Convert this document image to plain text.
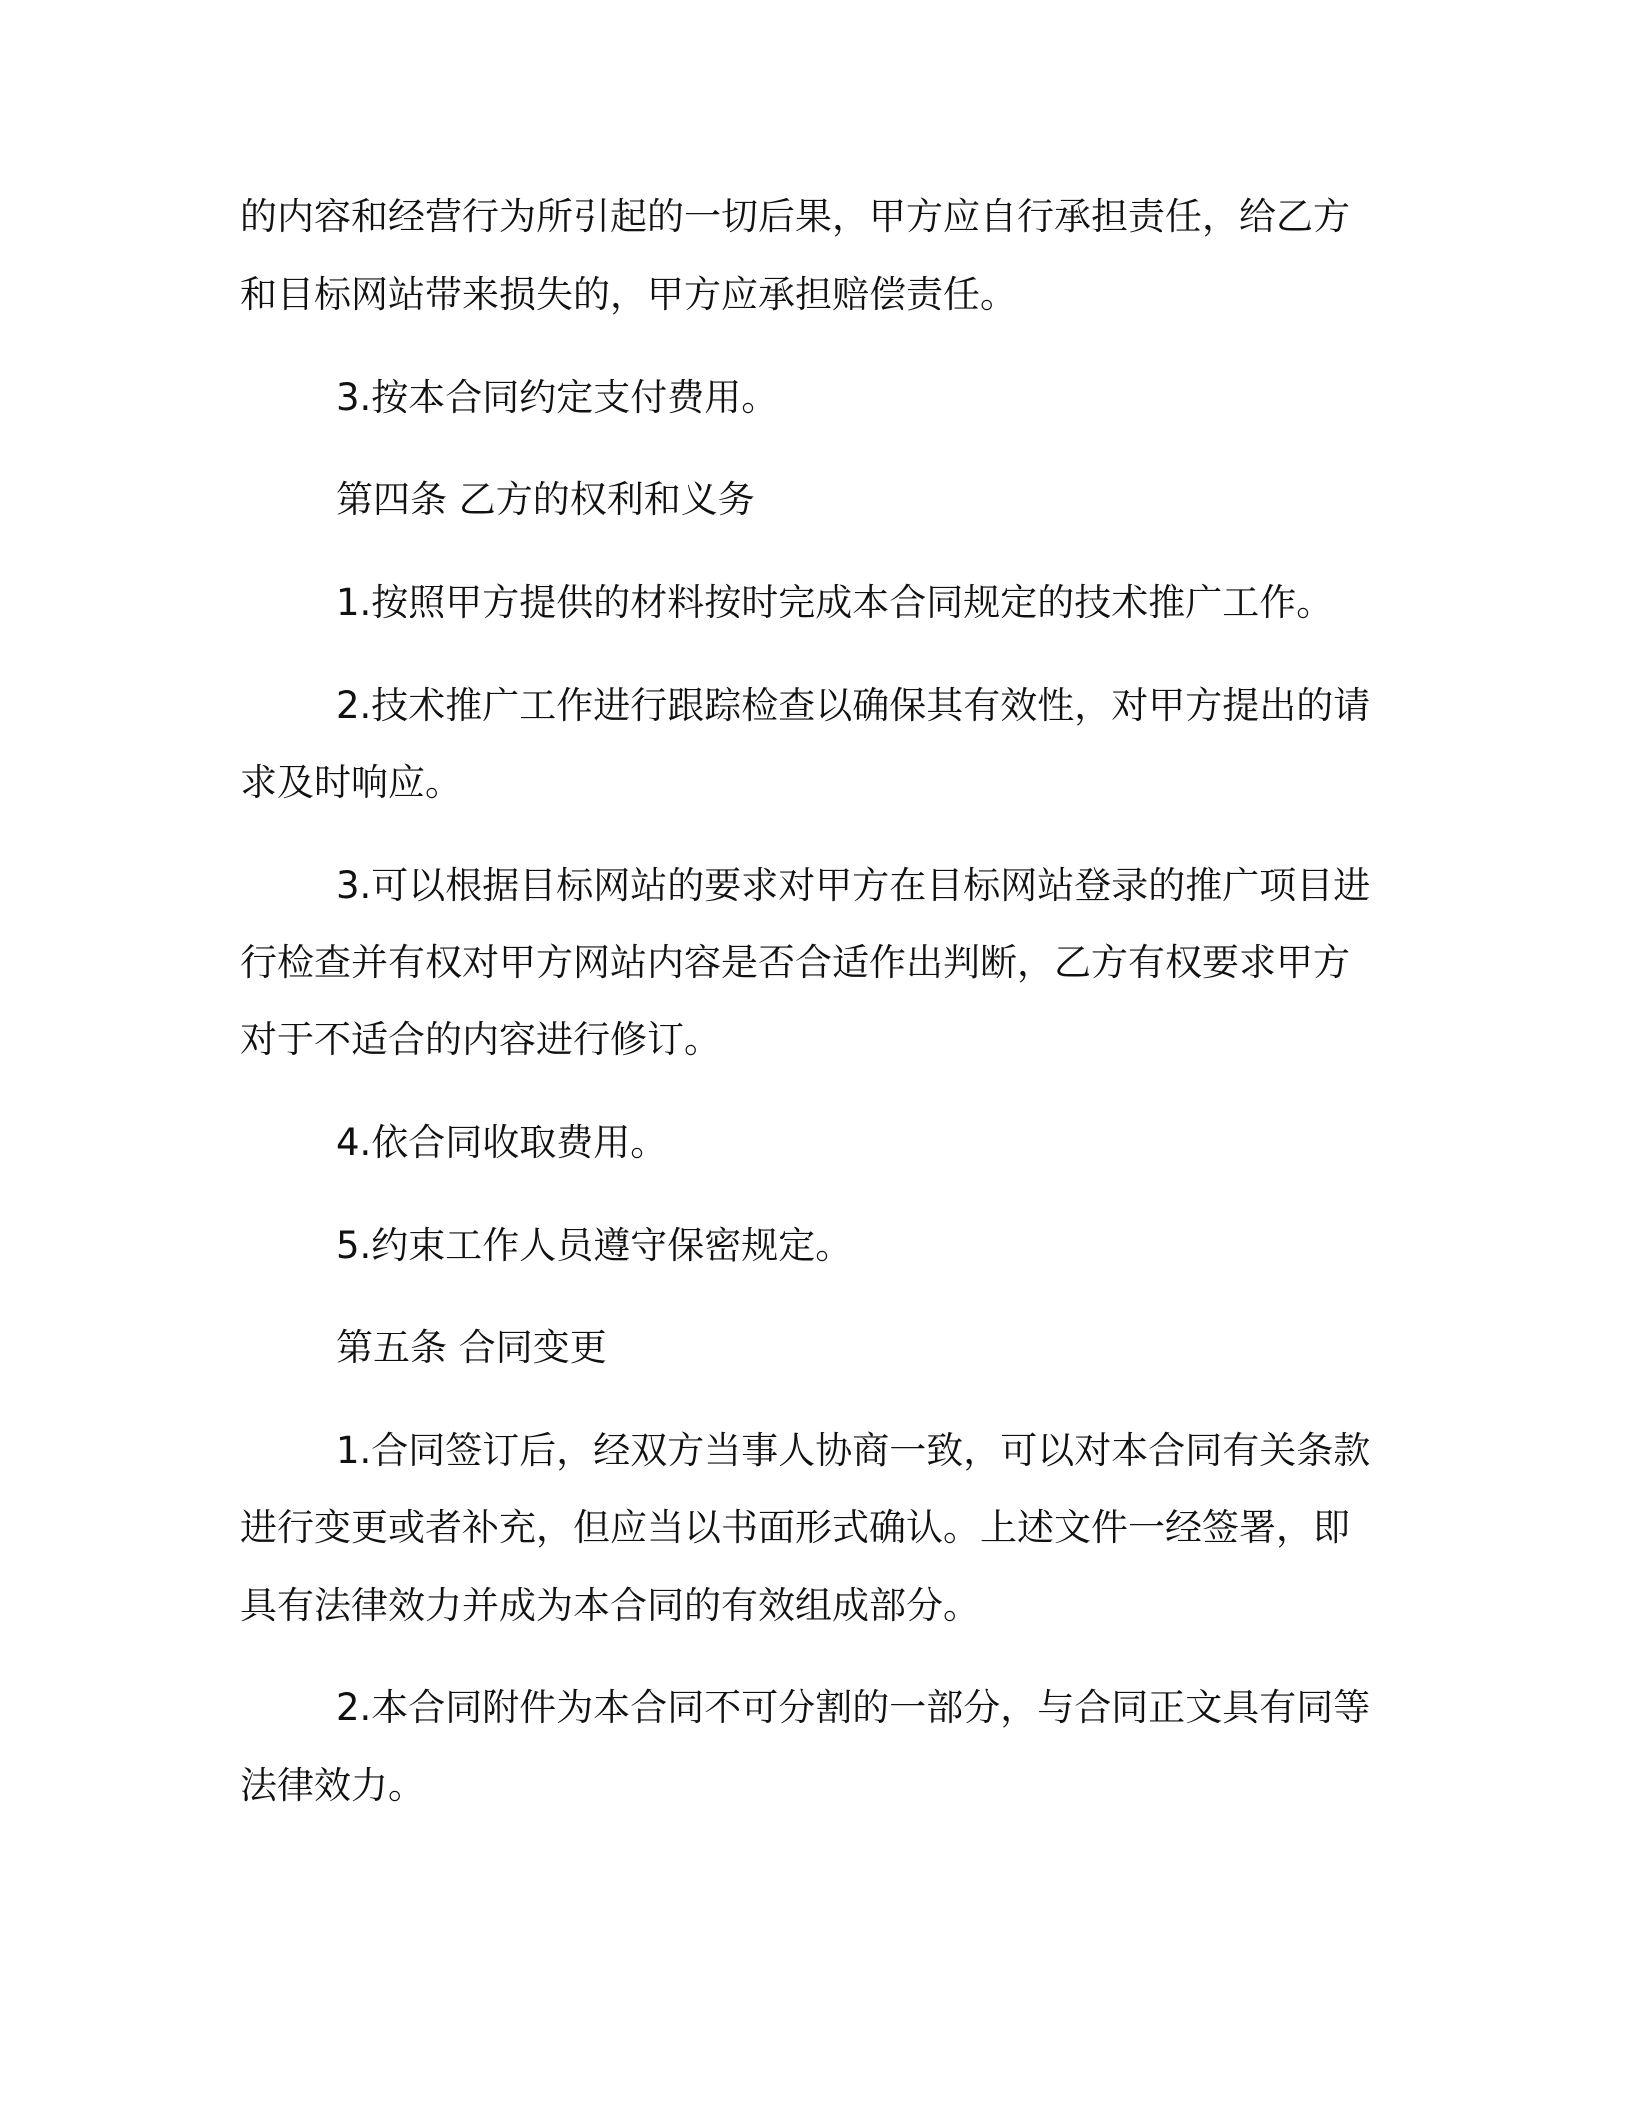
的内容和经营行为所引起的一切后果，甲方应自行承担责任，给乙方
和目标网站带来损失的，甲方应承担赔偿责任。
3.按本合同约定支付费用。
第四条 乙方的权利和义务
1.按照甲方提供的材料按时完成本合同规定的技术推广工作。
2.技术推广工作进行跟踪检查以确保其有效性，对甲方提出的请
求及时响应。
3.可以根据目标网站的要求对甲方在目标网站登录的推广项目进
行检查并有权对甲方网站内容是否合适作出判断，乙方有权要求甲方
对于不适合的内容进行修订。
4.依合同收取费用。
5.约束工作人员遵守保密规定。
第五条 合同变更
1.合同签订后，经双方当事人协商一致，可以对本合同有关条款
进行变更或者补充，但应当以书面形式确认。上述文件一经签署，即
具有法律效力并成为本合同的有效组成部分。
2.本合同附件为本合同不可分割的一部分，与合同正文具有同等
法律效力。
